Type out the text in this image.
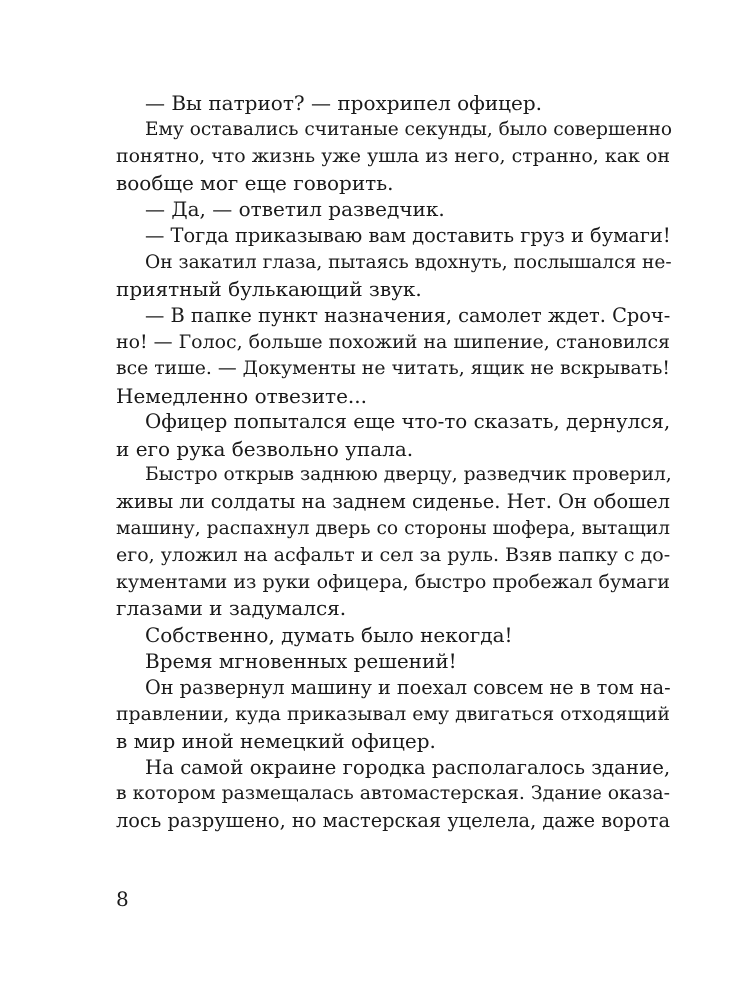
— Вы патриот? — прохрипел офицер.
Ему оставались считаные секунды, было совершенно
понятно, что жизнь уже ушла из него, странно, как он
вообще мог еще говорить.
— Да, — ответил разведчик.
— Тогда приказываю вам доставить груз и бумаги!
Он закатил глаза, пытаясь вдохнуть, послышался не-
приятный булькающий звук.
— В папке пункт назначения, самолет ждет. Сроч-
но! — Голос, больше похожий на шипение, становился
все тише. — Документы не читать, ящик не вскрывать!
Немедленно отвезите...
Офицер попытался еще что-то сказать, дернулся,
и его рука безвольно упала.
Быстро открыв заднюю дверцу, разведчик проверил,
живы ли солдаты на заднем сиденье. Нет. Он обошел
машину, распахнул дверь со стороны шофера, вытащил
его, уложил на асфальт и сел за руль. Взяв папку с до-
кументами из руки офицера, быстро пробежал бумаги
глазами и задумался.
Собственно, думать было некогда!
Время мгновенных решений!
Он развернул машину и поехал совсем не в том на-
правлении, куда приказывал ему двигаться отходящий
в мир иной немецкий офицер.
На самой окраине городка располагалось здание,
в котором размещалась автомастерская. Здание оказа-
лось разрушено, но мастерская уцелела, даже ворота
8
